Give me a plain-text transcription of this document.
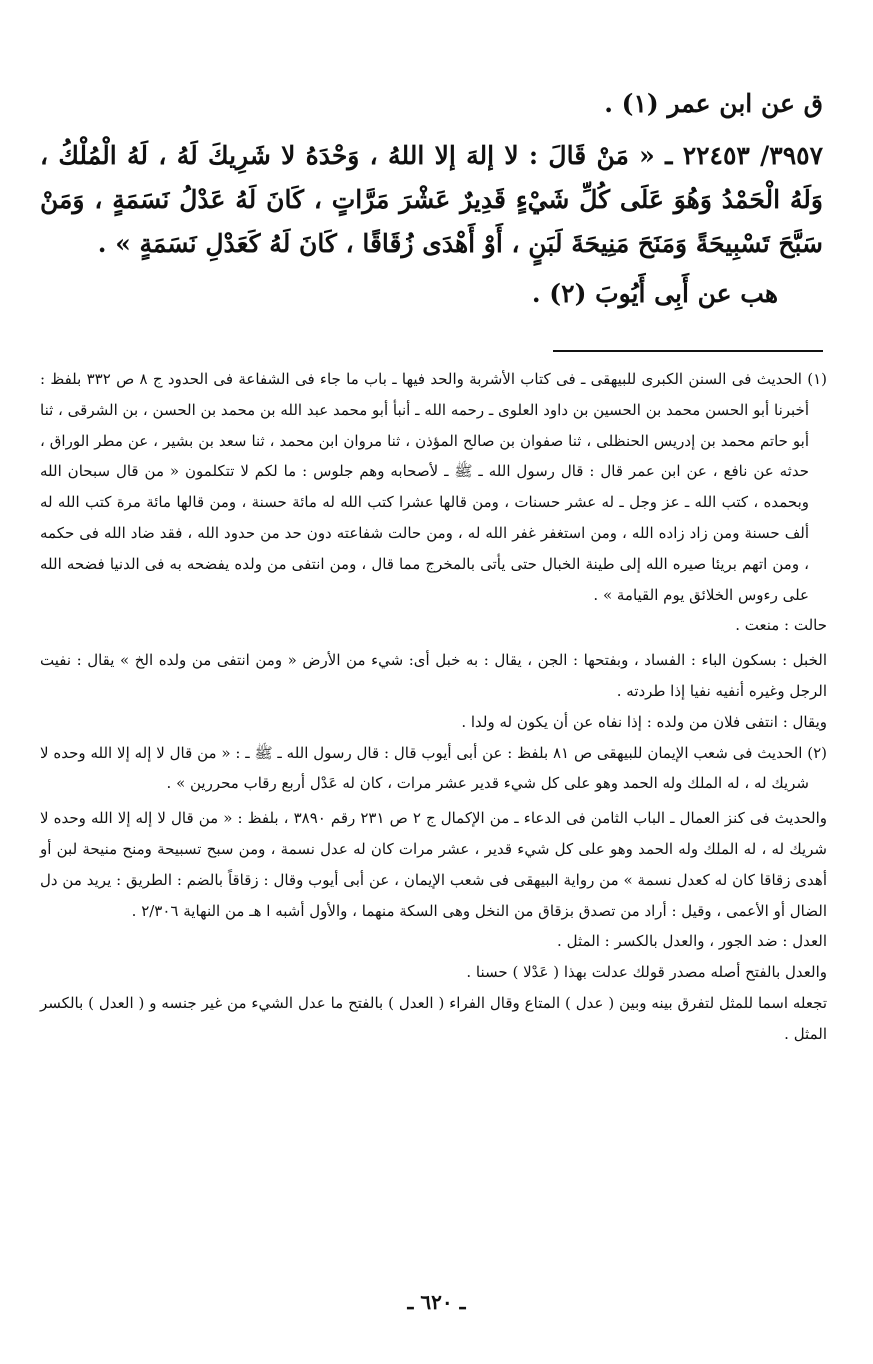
ق عن ابن عمر (١) .

٣٩٥٧/ ٢٢٤٥٣ ـ « مَنْ قَالَ : لا إلهَ إلا اللهُ ، وَحْدَهُ لا شَرِيكَ لَهُ ، لَهُ الْمُلْكُ ، وَلَهُ الْحَمْدُ وَهُوَ عَلَى كُلِّ شَيْءٍ قَدِيرٌ عَشْرَ مَرَّاتٍ ، كَانَ لَهُ عَدْلُ نَسَمَةٍ ، وَمَنْ سَبَّحَ تَسْبِيحَةً وَمَنَحَ مَنِيحَةَ لَبَنٍ ، أَوْ أَهْدَى زُقَاقًا ، كَانَ لَهُ كَعَدْلِ نَسَمَةٍ » .

هب عن أَبِى أَيُوبَ (٢) .

(١) الحديث فى السنن الكبرى للبيهقى ـ فى كتاب الأشربة والحد فيها ـ باب ما جاء فى الشفاعة فى الحدود ج ٨ ص ٣٣٢ بلفظ : أخبرنا أبو الحسن محمد بن الحسين بن داود العلوى ـ رحمه الله ـ أنبأ أبو محمد عبد الله بن محمد بن الحسن ، بن الشرقى ، ثنا أبو حاتم محمد بن إدريس الحنظلى ، ثنا صفوان بن صالح المؤذن ، ثنا مروان ابن محمد ، ثنا سعد بن بشير ، عن مطر الوراق ، حدثه عن نافع ، عن ابن عمر قال : قال رسول الله ـ ﷺ ـ لأصحابه وهم جلوس : ما لكم لا تتكلمون « من قال سبحان الله وبحمده ، كتب الله ـ عز وجل ـ له عشر حسنات ، ومن قالها عشرا كتب الله له مائة حسنة ، ومن قالها مائة مرة كتب الله له ألف حسنة ومن زاد زاده الله ، ومن استغفر غفر الله له ، ومن حالت شفاعته دون حد من حدود الله ، فقد ضاد الله فى حكمه ، ومن اتهم بريئا صيره الله إلى طينة الخبال حتى يأتى بالمخرج مما قال ، ومن انتفى من ولده يفضحه به فى الدنيا فضحه الله على رءوس الخلائق يوم القيامة » .

حالت : منعت .

الخبل : بسكون الباء : الفساد ، وبفتحها : الجن ، يقال : به خبل أى: شيء من الأرض « ومن انتفى من ولده الخ » يقال : نفيت الرجل وغيره أنفيه نفيا إذا طردته .

ويقال : انتفى فلان من ولده : إذا نفاه عن أن يكون له ولدا .

(٢) الحديث فى شعب الإيمان للبيهقى ص ٨١ بلفظ : عن أبى أيوب قال : قال رسول الله ـ ﷺ ـ : « من قال لا إله إلا الله وحده لا شريك له ، له الملك وله الحمد وهو على كل شيء قدير عشر مرات ، كان له عَدْل أربع رقاب محررين » .

والحديث فى كنز العمال ـ الباب الثامن فى الدعاء ـ من الإكمال ج ٢ ص ٢٣١ رقم ٣٨٩٠ ، بلفظ : « من قال لا إله إلا الله وحده لا شريك له ، له الملك وله الحمد وهو على كل شيء قدير ، عشر مرات كان له عدل نسمة ، ومن سبح تسبيحة ومنح منيحة لبن أو أهدى زقاقا كان له كعدل نسمة » من رواية البيهقى فى شعب الإيمان ، عن أبى أيوب وقال : زقاقاً بالضم : الطريق : يريد من دل الضال أو الأعمى ، وقيل : أراد من تصدق بزقاق من النخل وهى السكة منهما ، والأول أشبه ا هـ من النهاية ٢/٣٠٦ .

العدل : ضد الجور ، والعدل بالكسر : المثل .

والعدل بالفتح أصله مصدر قولك عدلت بهذا ( عَدْلا ) حسنا .

تجعله اسما للمثل لتفرق بينه وبين ( عدل ) المتاع وقال الفراء ( العدل ) بالفتح ما عدل الشيء من غير جنسه و ( العدل ) بالكسر المثل .

ـ ٦٢٠ ـ
